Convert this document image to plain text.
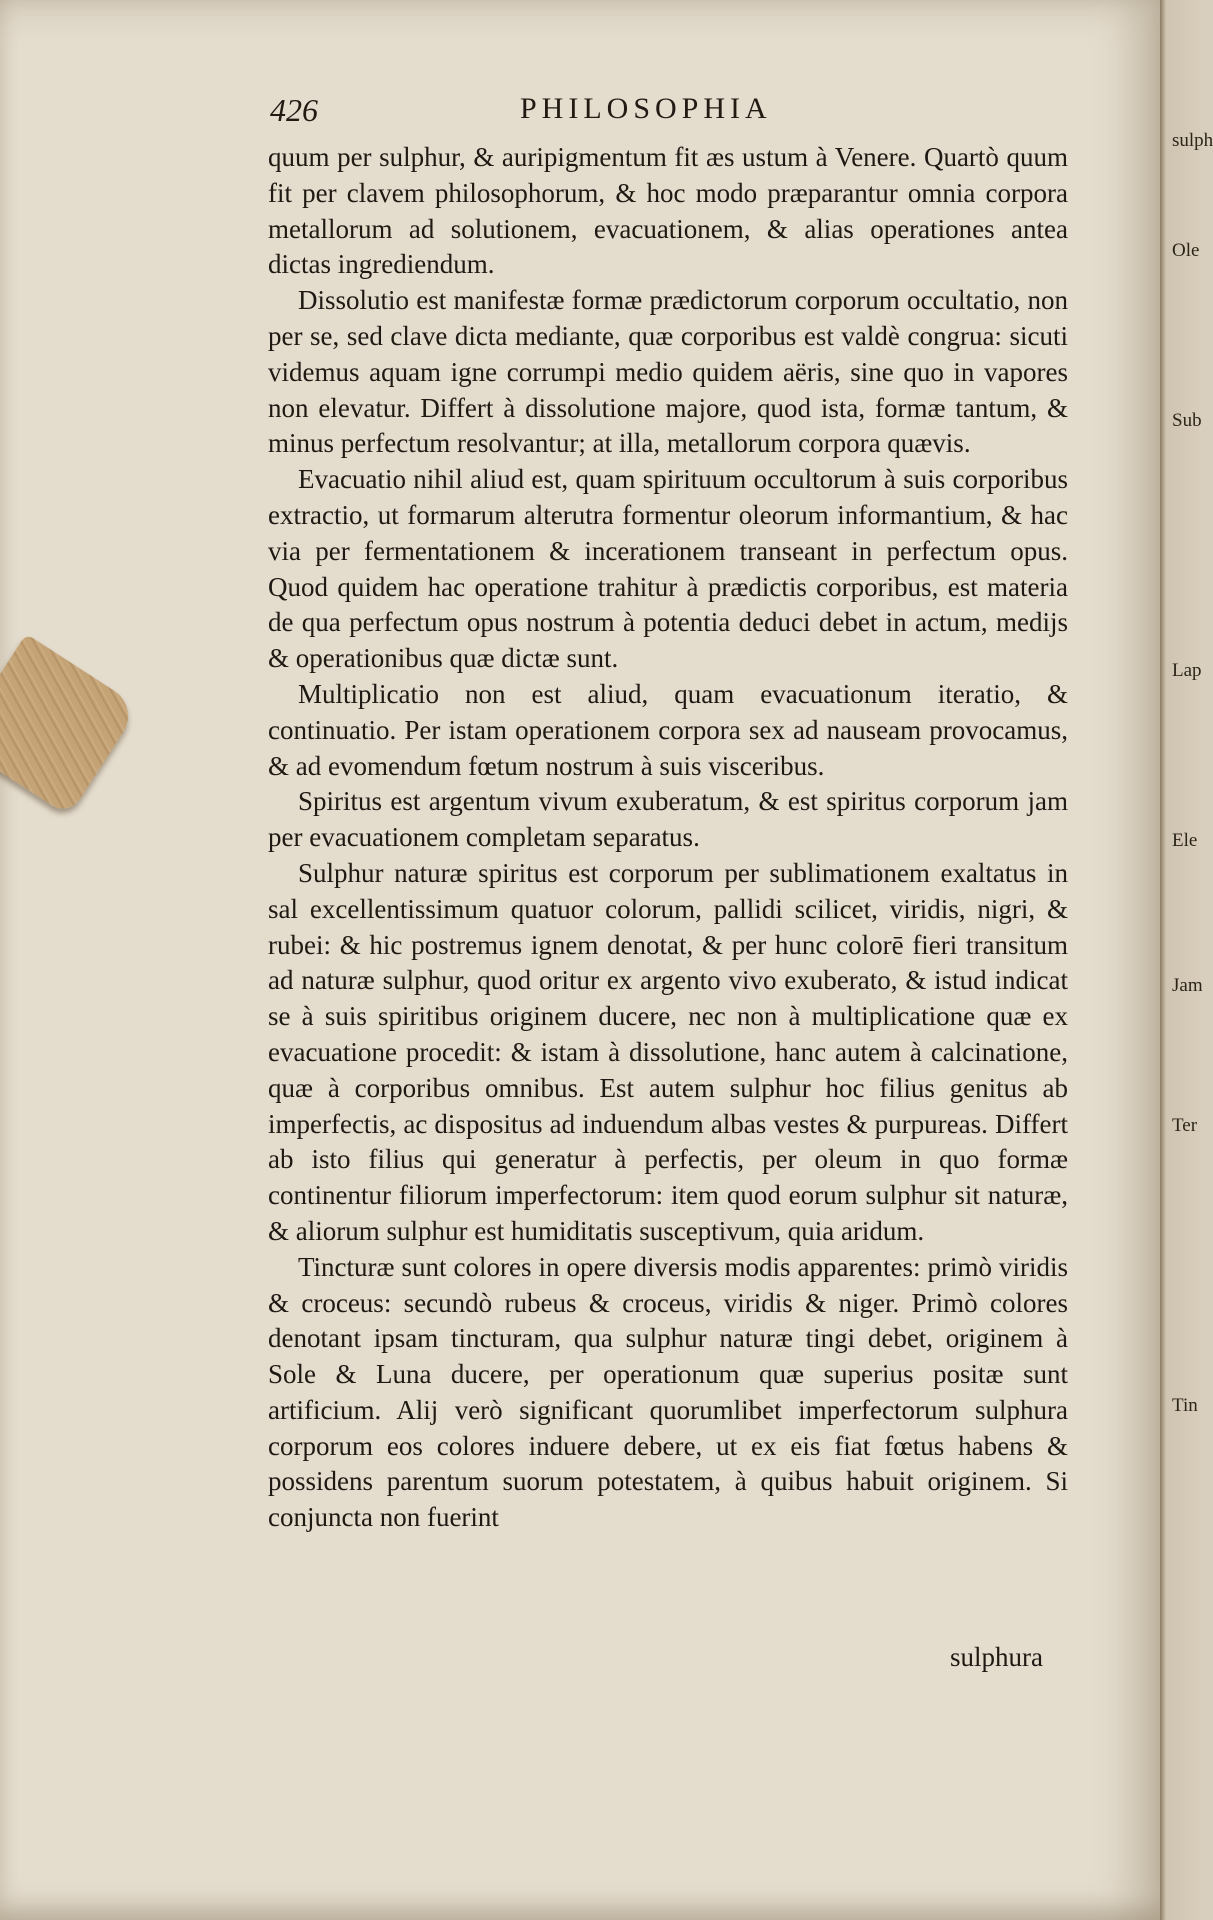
sulph
Ole
Sub
Lap
Ele
Jam
Ter
Tin
426	PHILOSOPHIA

quum per sulphur, & auripigmentum fit æs ustum à Venere. Quartò quum fit per clavem philosophorum, & hoc modo præparantur omnia corpora metallorum ad solutionem, evacuationem, & alias operationes antea dictas ingrediendum.

Dissolutio est manifestæ formæ prædictorum corporum occultatio, non per se, sed clave dicta mediante, quæ corporibus est valdè congrua: sicuti videmus aquam igne corrumpi medio quidem aëris, sine quo in vapores non elevatur. Differt à dissolutione majore, quod ista, formæ tantum, & minus perfectum resolvantur; at illa, metallorum corpora quævis.

Evacuatio nihil aliud est, quam spirituum occultorum à suis corporibus extractio, ut formarum alterutra formentur oleorum informantium, & hac via per fermentationem & incerationem transeant in perfectum opus. Quod quidem hac operatione trahitur à prædictis corporibus, est materia de qua perfectum opus nostrum à potentia deduci debet in actum, medijs & operationibus quæ dictæ sunt.

Multiplicatio non est aliud, quam evacuationum iteratio, & continuatio. Per istam operationem corpora sex ad nauseam provocamus, & ad evomendum fœtum nostrum à suis visceribus.

Spiritus est argentum vivum exuberatum, & est spiritus corporum jam per evacuationem completam separatus.

Sulphur naturæ spiritus est corporum per sublimationem exaltatus in sal excellentissimum quatuor colorum, pallidi scilicet, viridis, nigri, & rubei: & hic postremus ignem denotat, & per hunc colorē fieri transitum ad naturæ sulphur, quod oritur ex argento vivo exuberato, & istud indicat se à suis spiritibus originem ducere, nec non à multiplicatione quæ ex evacuatione procedit: & istam à dissolutione, hanc autem à calcinatione, quæ à corporibus omnibus. Est autem sulphur hoc filius genitus ab imperfectis, ac dispositus ad induendum albas vestes & purpureas. Differt ab isto filius qui generatur à perfectis, per oleum in quo formæ continentur filiorum imperfectorum: item quod eorum sulphur sit naturæ, & aliorum sulphur est humiditatis susceptivum, quia aridum.

Tincturæ sunt colores in opere diversis modis apparentes: primò viridis & croceus: secundò rubeus & croceus, viridis & niger. Primò colores denotant ipsam tincturam, qua sulphur naturæ tingi debet, originem à Sole & Luna ducere, per operationum quæ superius positæ sunt artificium. Alij verò significant quorumlibet imperfectorum sulphura corporum eos colores induere debere, ut ex eis fiat fœtus habens & possidens parentum suorum potestatem, à quibus habuit originem. Si conjuncta non fuerint

sulphura
